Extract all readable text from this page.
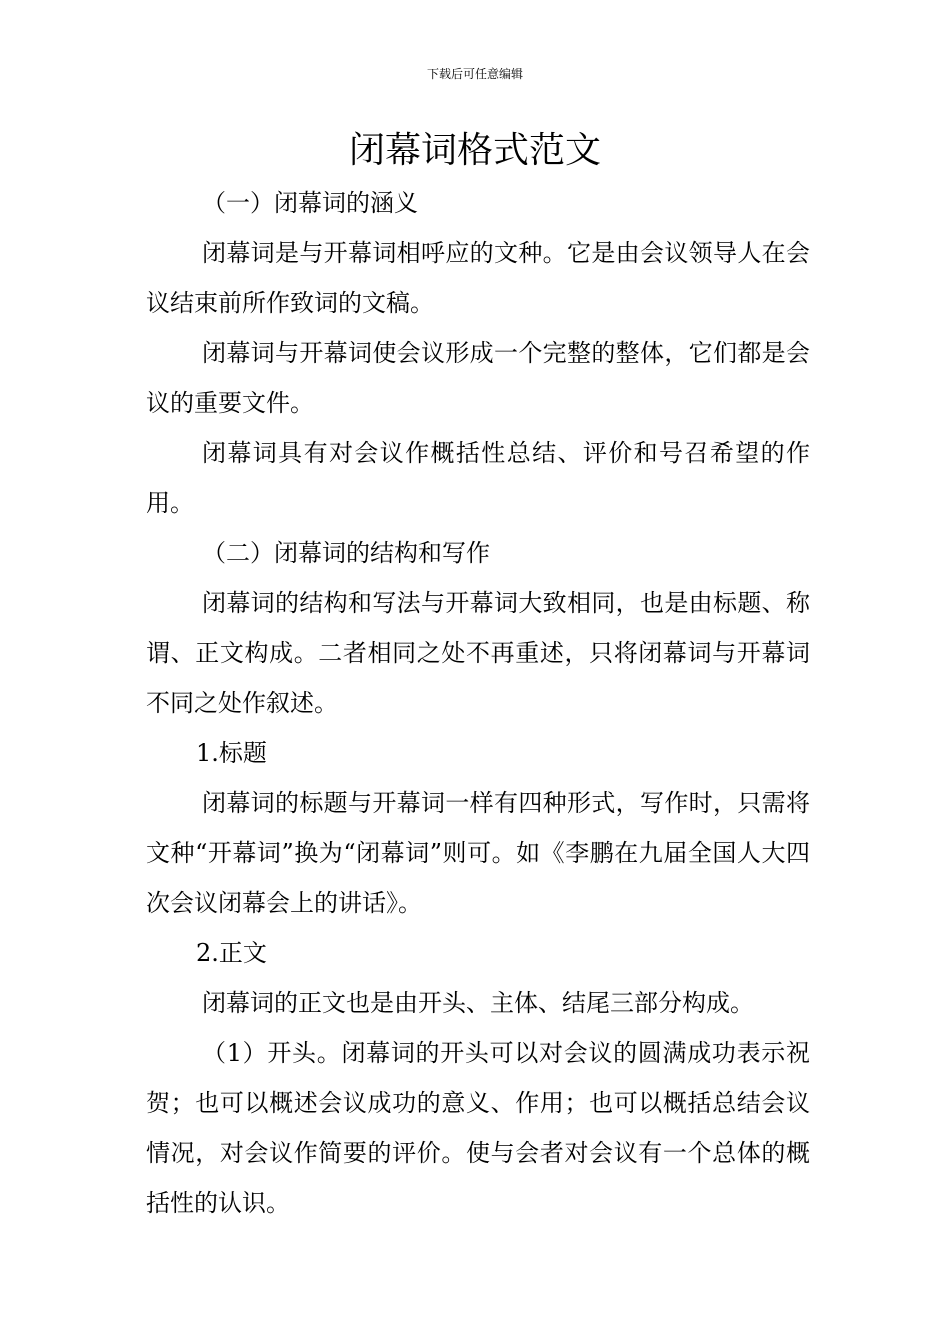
下载后可任意编辑
闭幕词格式范文

（一）闭幕词的涵义

闭幕词是与开幕词相呼应的文种。它是由会议领导人在会议结束前所作致词的文稿。

闭幕词与开幕词使会议形成一个完整的整体，它们都是会议的重要文件。

闭幕词具有对会议作概括性总结、评价和号召希望的作用。

（二）闭幕词的结构和写作

闭幕词的结构和写法与开幕词大致相同，也是由标题、称谓、正文构成。二者相同之处不再重述，只将闭幕词与开幕词不同之处作叙述。

1.标题

闭幕词的标题与开幕词一样有四种形式，写作时，只需将文种“开幕词”换为“闭幕词”则可。如《李鹏在九届全国人大四次会议闭幕会上的讲话》。

2.正文

闭幕词的正文也是由开头、主体、结尾三部分构成。

（1）开头。闭幕词的开头可以对会议的圆满成功表示祝贺；也可以概述会议成功的意义、作用；也可以概括总结会议情况，对会议作简要的评价。使与会者对会议有一个总体的概括性的认识。
